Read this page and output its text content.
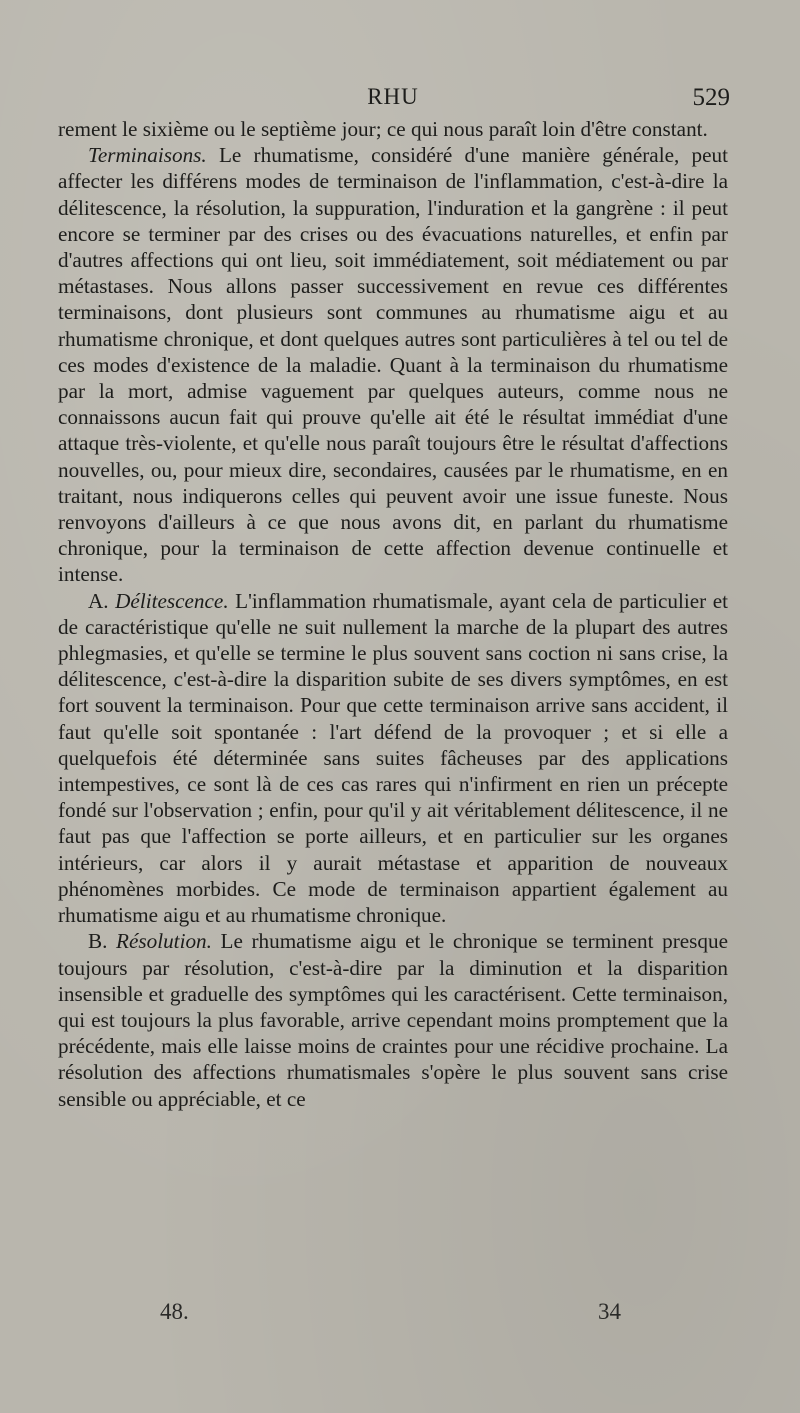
RHU	529

rement le sixième ou le septième jour; ce qui nous paraît loin d'être constant.

Terminaisons. Le rhumatisme, considéré d'une manière générale, peut affecter les différens modes de terminaison de l'inflammation, c'est-à-dire la délitescence, la résolution, la suppuration, l'induration et la gangrène : il peut encore se terminer par des crises ou des évacuations naturelles, et enfin par d'autres affections qui ont lieu, soit immédiatement, soit médiatement ou par métastases. Nous allons passer successivement en revue ces différentes terminaisons, dont plusieurs sont communes au rhumatisme aigu et au rhumatisme chronique, et dont quelques autres sont particulières à tel ou tel de ces modes d'existence de la maladie. Quant à la terminaison du rhumatisme par la mort, admise vaguement par quelques auteurs, comme nous ne connaissons aucun fait qui prouve qu'elle ait été le résultat immédiat d'une attaque très-violente, et qu'elle nous paraît toujours être le résultat d'affections nouvelles, ou, pour mieux dire, secondaires, causées par le rhumatisme, en en traitant, nous indiquerons celles qui peuvent avoir une issue funeste. Nous renvoyons d'ailleurs à ce que nous avons dit, en parlant du rhumatisme chronique, pour la terminaison de cette affection devenue continuelle et intense.

A. Délitescence. L'inflammation rhumatismale, ayant cela de particulier et de caractéristique qu'elle ne suit nullement la marche de la plupart des autres phlegmasies, et qu'elle se termine le plus souvent sans coction ni sans crise, la délitescence, c'est-à-dire la disparition subite de ses divers symptômes, en est fort souvent la terminaison. Pour que cette terminaison arrive sans accident, il faut qu'elle soit spontanée : l'art défend de la provoquer ; et si elle a quelquefois été déterminée sans suites fâcheuses par des applications intempestives, ce sont là de ces cas rares qui n'infirment en rien un précepte fondé sur l'observation ; enfin, pour qu'il y ait véritablement délitescence, il ne faut pas que l'affection se porte ailleurs, et en particulier sur les organes intérieurs, car alors il y aurait métastase et apparition de nouveaux phénomènes morbides. Ce mode de terminaison appartient également au rhumatisme aigu et au rhumatisme chronique.

B. Résolution. Le rhumatisme aigu et le chronique se terminent presque toujours par résolution, c'est-à-dire par la diminution et la disparition insensible et graduelle des symptômes qui les caractérisent. Cette terminaison, qui est toujours la plus favorable, arrive cependant moins promptement que la précédente, mais elle laisse moins de craintes pour une récidive prochaine. La résolution des affections rhumatismales s'opère le plus souvent sans crise sensible ou appréciable, et ce

48.	34
